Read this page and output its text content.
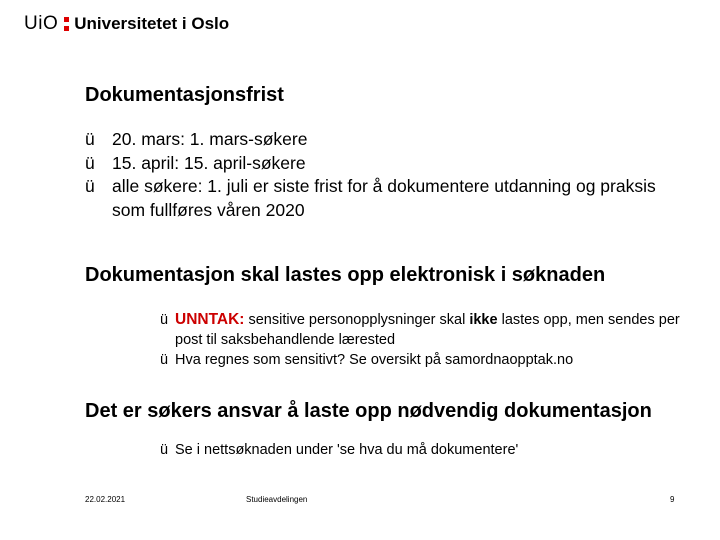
UiO Universitetet i Oslo
Dokumentasjonsfrist
ü 20. mars: 1. mars-søkere
ü 15. april: 15. april-søkere
ü alle søkere: 1. juli er siste frist for å dokumentere utdanning og praksis som fullføres våren 2020
Dokumentasjon skal lastes opp elektronisk i søknaden
ü UNNTAK: sensitive personopplysninger skal ikke lastes opp, men sendes per post til saksbehandlende lærested
ü Hva regnes som sensitivt? Se oversikt på samordnaopptak.no
Det er søkers ansvar å laste opp nødvendig dokumentasjon
ü Se i nettsøknaden under 'se hva du må dokumentere'
22.02.2021	Studieavdelingen	9
